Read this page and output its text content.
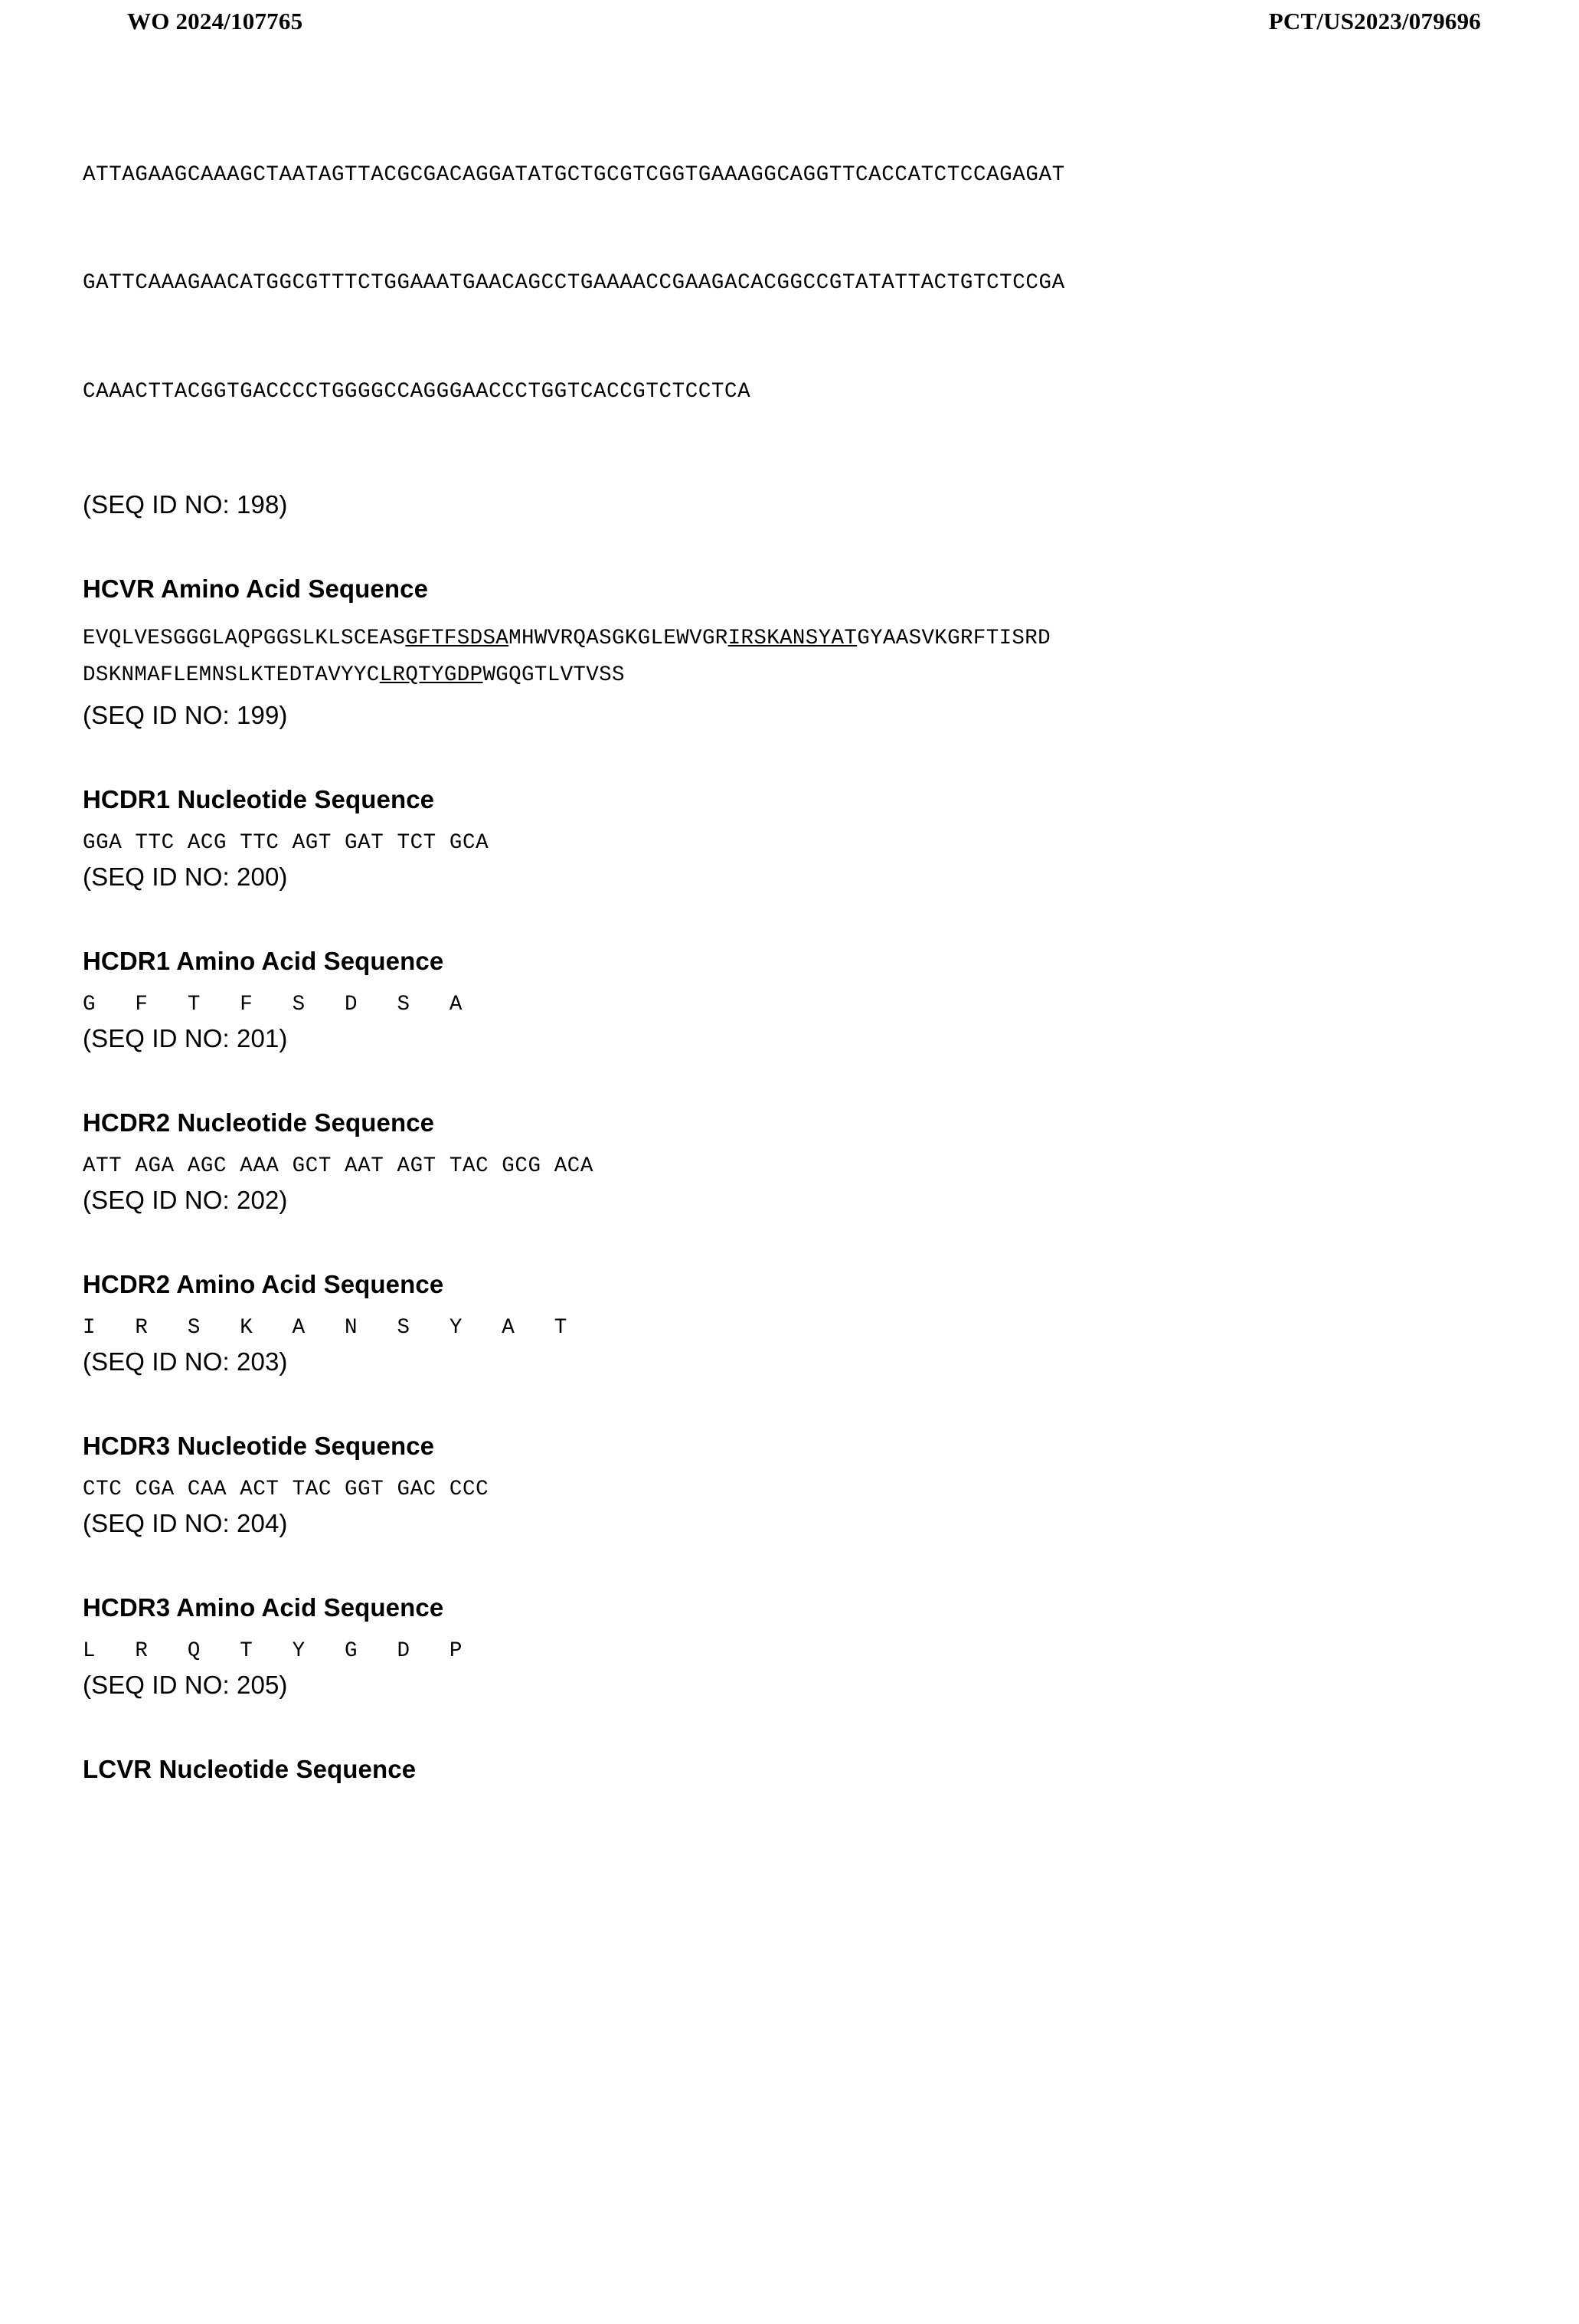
WO 2024/107765	PCT/US2023/079696

ATTAGAAGCAAAGCTAATAGTTACGCGACAGGATATGCTGCGTCGGTGAAAGGCAGGTTCACCATCTCCAGAGAT

GATTCAAAGAACATGGCGTTTCTGGAAATGAACAGCCTGAAAACCGAAGACACGGCCGTATATTACTGTCTCCGA

CAAACTTACGGTGACCCCTGGGGCCAGGGAACCCTGGTCACCGTCTCCTCA

(SEQ ID NO: 198)
HCVR Amino Acid Sequence
EVQLVESGGGLAQPGGSLKLSCEASGFTFSDSAMHWVRQASGKGLEWVGRIRSKANSYATGYAASVKGRFTISRD
DSKNMAFLEMNSLKTEDTAVYYCLRQTYGDPWGQGTLVTVSS
(SEQ ID NO: 199)
HCDR1 Nucleotide Sequence
GGA TTC ACG TTC AGT GAT TCT GCA
(SEQ ID NO: 200)
HCDR1 Amino Acid Sequence
G   F   T   F   S   D   S   A
(SEQ ID NO: 201)
HCDR2 Nucleotide Sequence
ATT AGA AGC AAA GCT AAT AGT TAC GCG ACA
(SEQ ID NO: 202)
HCDR2 Amino Acid Sequence
I   R   S   K   A   N   S   Y   A   T
(SEQ ID NO: 203)
HCDR3 Nucleotide Sequence
CTC CGA CAA ACT TAC GGT GAC CCC
(SEQ ID NO: 204)
HCDR3 Amino Acid Sequence
L   R   Q   T   Y   G   D   P
(SEQ ID NO: 205)
LCVR Nucleotide Sequence
